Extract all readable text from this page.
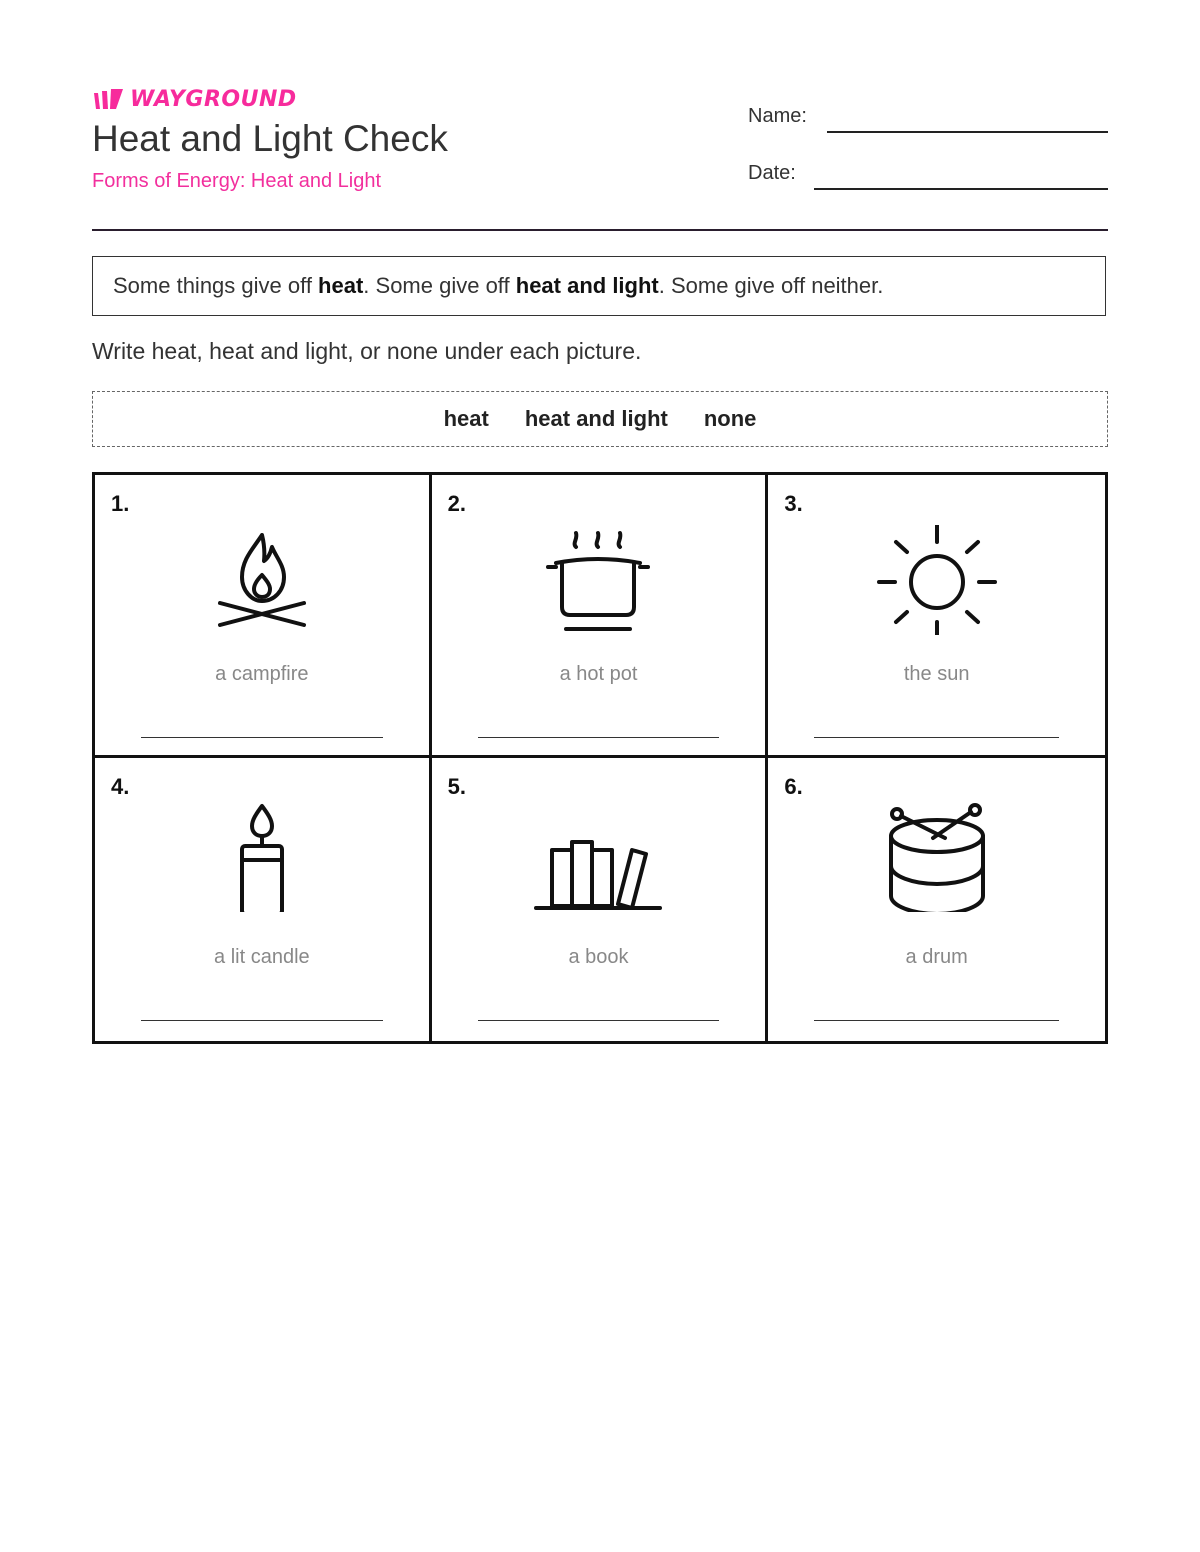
WAYGROUND
Heat and Light Check
Forms of Energy: Heat and Light
Name:
Date:
Some things give off heat. Some give off heat and light. Some give off neither.
Write heat, heat and light, or none under each picture.
heat heat and light none
1.
a campfire
2.
a hot pot
3.
the sun
4.
a lit candle
5.
a book
6.
a drum
